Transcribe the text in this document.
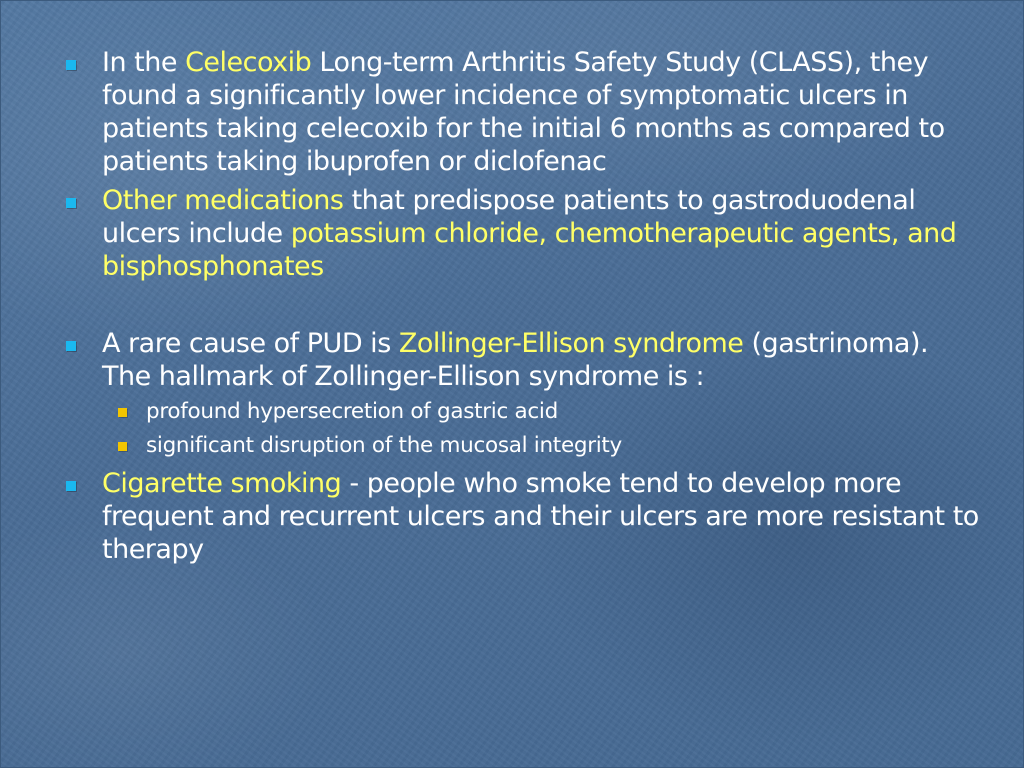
In the Celecoxib Long-term Arthritis Safety Study (CLASS), they found a significantly lower incidence of symptomatic ulcers in patients taking celecoxib for the initial 6 months as compared to patients taking ibuprofen or diclofenac
Other medications that predispose patients to gastroduodenal ulcers include potassium chloride, chemotherapeutic agents, and bisphosphonates
A rare cause of PUD is Zollinger-Ellison syndrome (gastrinoma). The hallmark of Zollinger-Ellison syndrome is :
profound hypersecretion of gastric acid
significant disruption of the mucosal integrity
Cigarette smoking - people who smoke tend to develop more frequent and recurrent ulcers and their ulcers are more resistant to therapy
